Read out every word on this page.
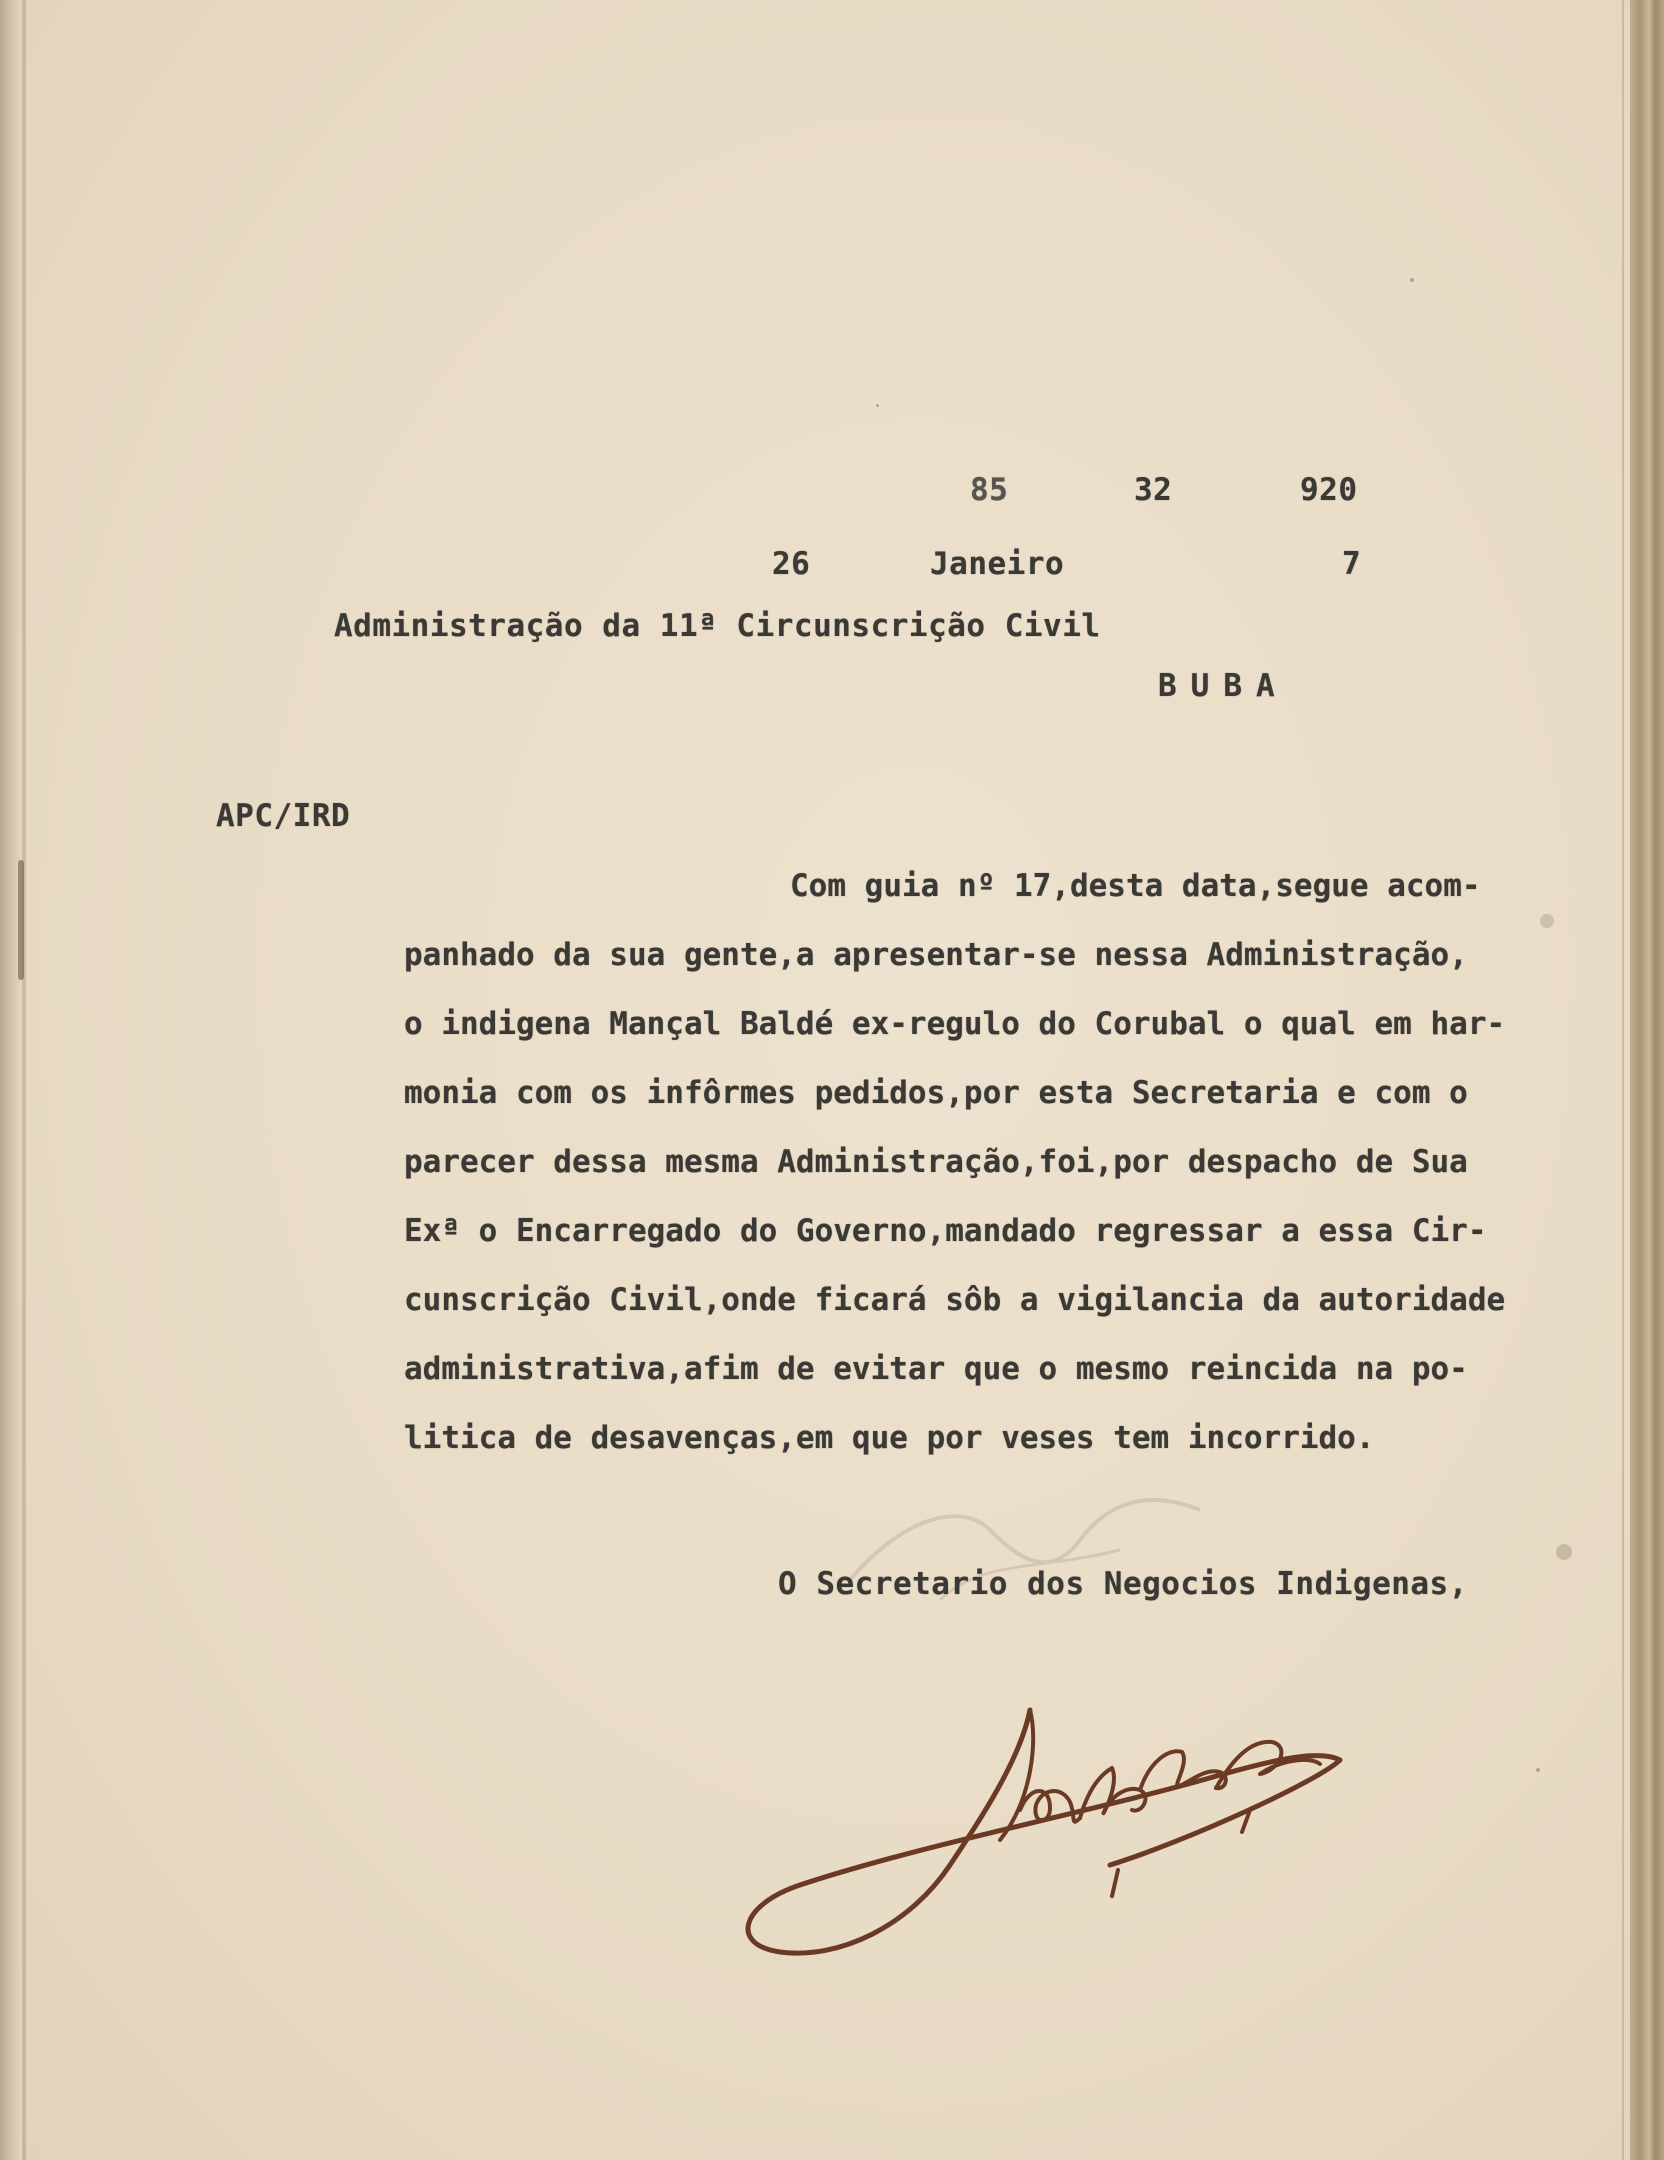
85	32	920
26	Janeiro	7
Administração da 11ª Circunscrição Civil
BUBA
APC/IRD
Com guia nº 17,desta data,segue acom-
panhado da sua gente,a apresentar-se nessa Administração,
o indigena Mançal Baldé ex-regulo do Corubal o qual em har-
monia com os infôrmes pedidos,por esta Secretaria e com o
parecer dessa mesma Administração,foi,por despacho de Sua
Exª o Encarregado do Governo,mandado regressar a essa Cir-
cunscrição Civil,onde ficará sôb a vigilancia da autoridade
administrativa,afim de evitar que o mesmo reincida na po-
litica de desavenças,em que por veses tem incorrido.
O Secretario dos Negocios Indigenas,
